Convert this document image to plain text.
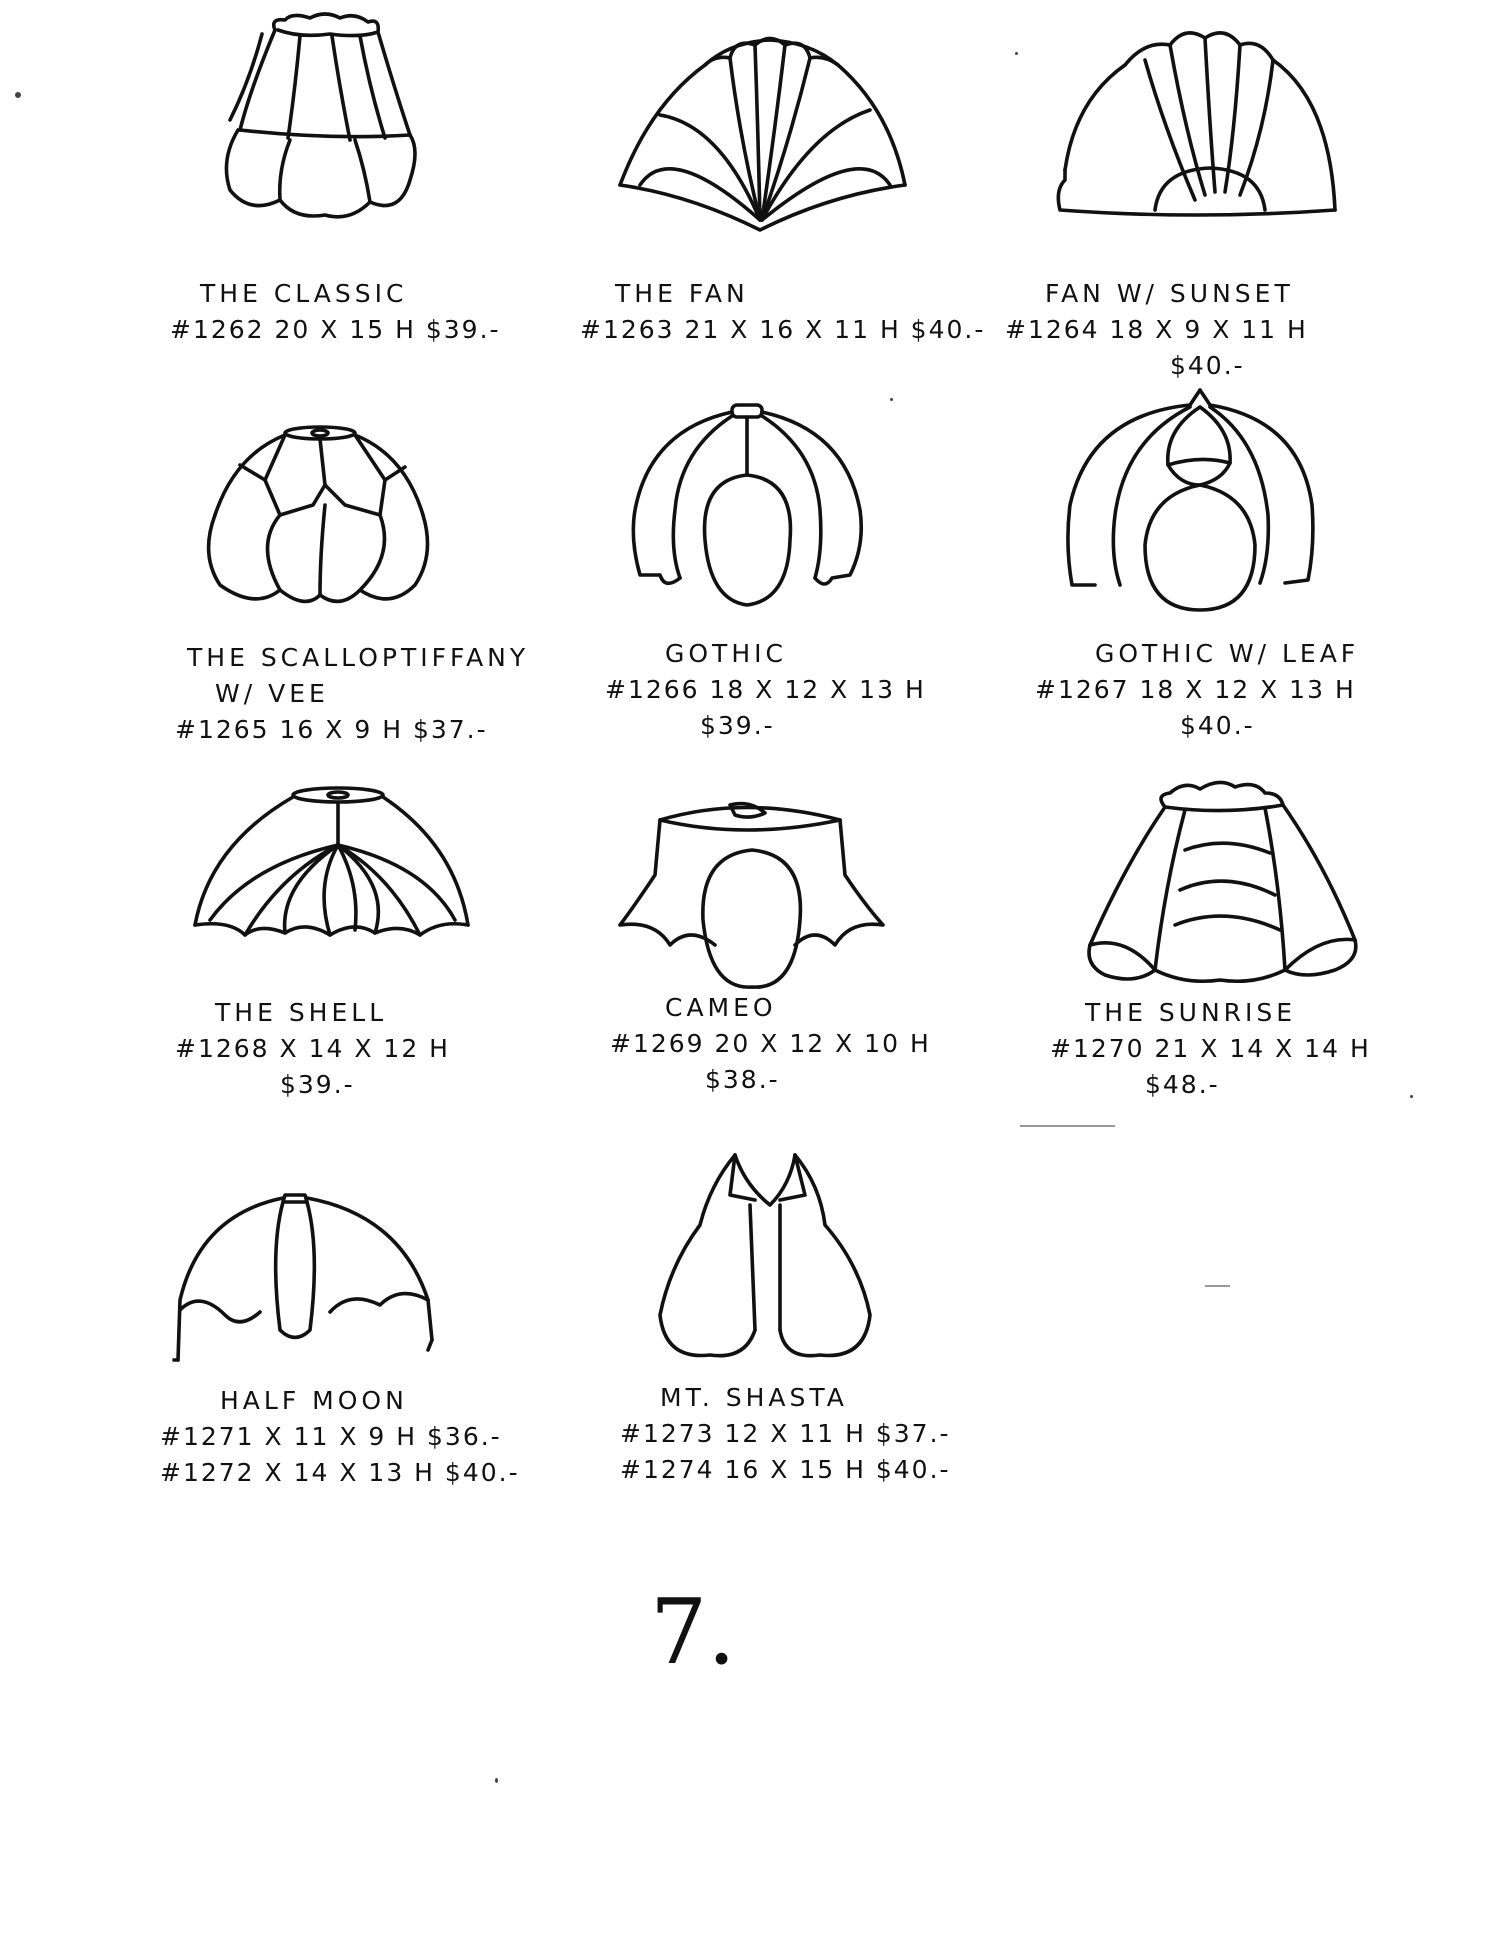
THE CLASSIC
#1262 20 X 15 H $39.-
THE FAN
#1263 21 X 16 X 11 H $40.-
FAN W/ SUNSET
#1264 18 X 9 X 11 H
$40.-
THE SCALLOPTIFFANY
W/ VEE
#1265 16 X 9 H $37.-
GOTHIC
#1266 18 X 12 X 13 H
$39.-
GOTHIC W/ LEAF
#1267 18 X 12 X 13 H
$40.-
THE SHELL
#1268 X 14 X 12 H
$39.-
CAMEO
#1269 20 X 12 X 10 H
$38.-
THE SUNRISE
#1270 21 X 14 X 14 H
$48.-
HALF MOON
#1271 X 11 X 9 H $36.-
#1272 X 14 X 13 H $40.-
MT. SHASTA
#1273 12 X 11 H $37.-
#1274 16 X 15 H $40.-
7.
